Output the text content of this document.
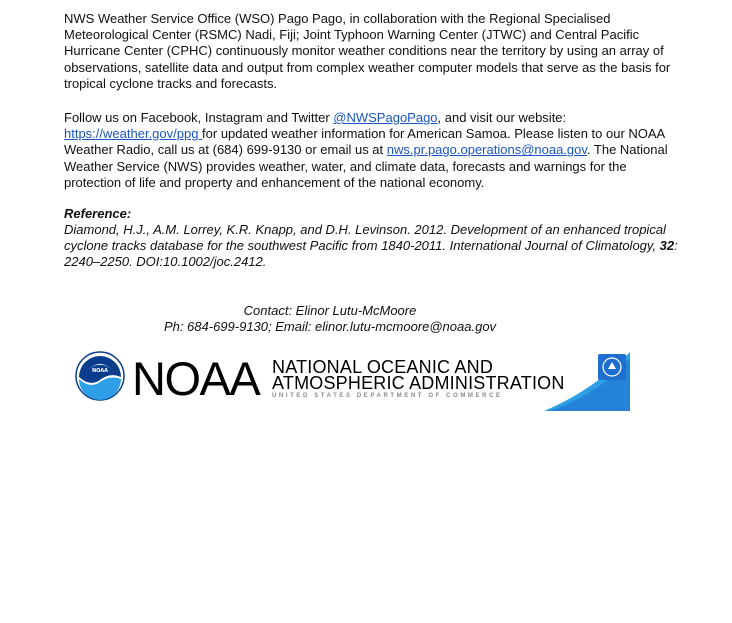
NWS Weather Service Office (WSO) Pago Pago, in collaboration with the Regional Specialised Meteorological Center (RSMC) Nadi, Fiji; Joint Typhoon Warning Center (JTWC) and Central Pacific Hurricane Center (CPHC) continuously monitor weather conditions near the territory by using an array of observations, satellite data and output from complex weather computer models that serve as the basis for tropical cyclone tracks and forecasts.

Follow us on Facebook, Instagram and Twitter @NWSPagoPago, and visit our website: https://weather.gov/ppg for updated weather information for American Samoa. Please listen to our NOAA Weather Radio, call us at (684) 699-9130 or email us at nws.pr.pago.operations@noaa.gov. The National Weather Service (NWS) provides weather, water, and climate data, forecasts and warnings for the protection of life and property and enhancement of the national economy.

Reference:

Diamond, H.J., A.M. Lorrey, K.R. Knapp, and D.H. Levinson. 2012. Development of an enhanced tropical cyclone tracks database for the southwest Pacific from 1840-2011. International Journal of Climatology, 32: 2240–2250. DOI:10.1002/joc.2412.

Contact: Elinor Lutu-McMoore

Ph: 684-699-9130; Email: elinor.lutu-mcmoore@noaa.gov

NOAA NOAA NATIONAL OCEANIC AND

ATMOSPHERIC ADMINISTRATION

UNITED STATES DEPARTMENT OF COMMERCE
